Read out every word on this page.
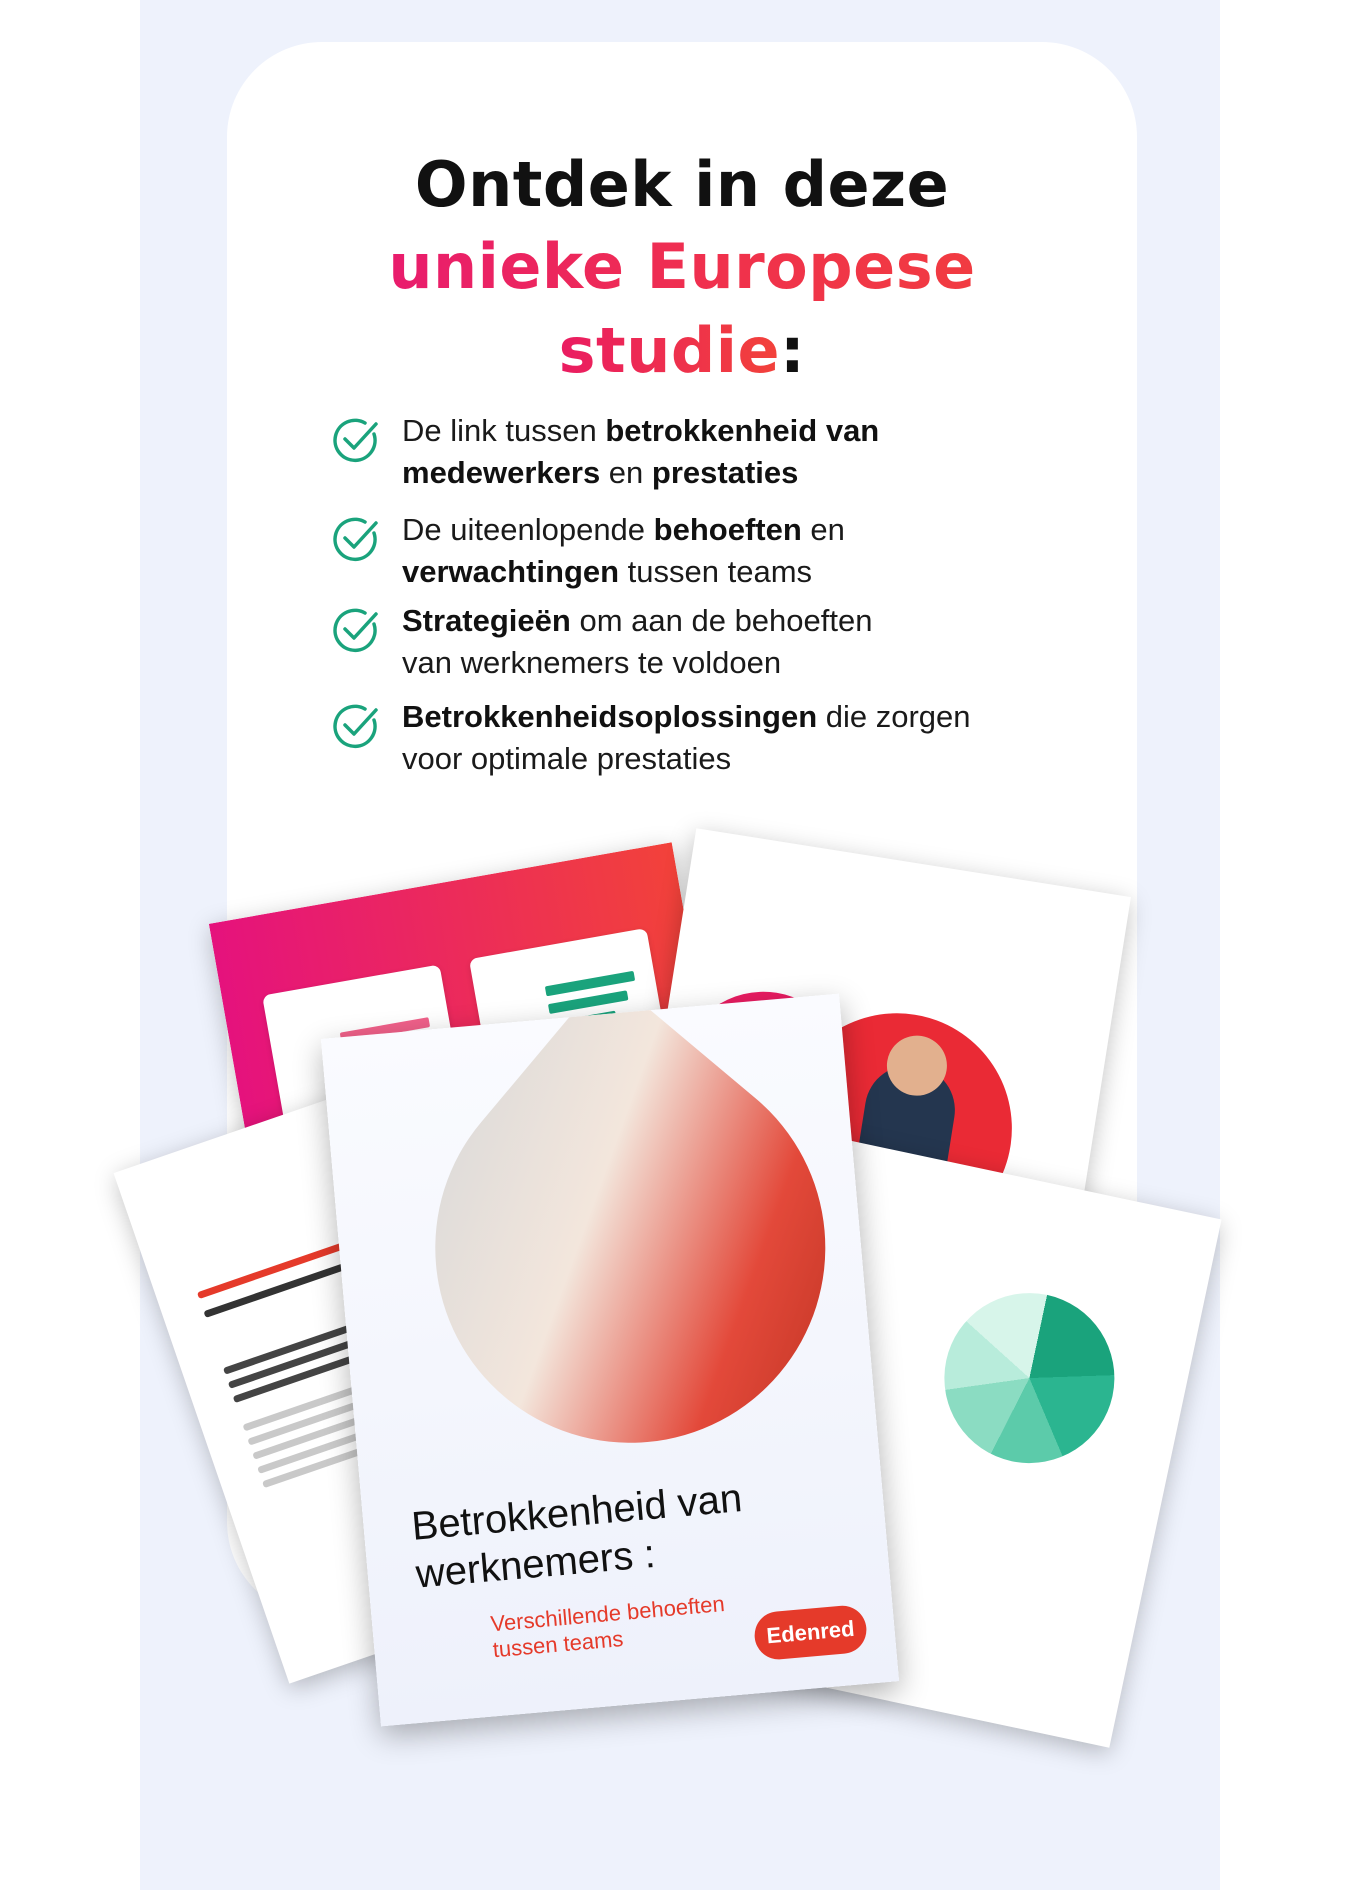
Ontdek in deze
unieke Europese
studie:
De link tussen betrokkenheid van
medewerkers en prestaties
De uiteenlopende behoeften en
verwachtingen tussen teams
Strategieën om aan de behoeften
van werknemers te voldoen
Betrokkenheidsoplossingen die zorgen
voor optimale prestaties
Betrokkenheid van werknemers :
Verschillende behoeften tussen teams	Edenred
